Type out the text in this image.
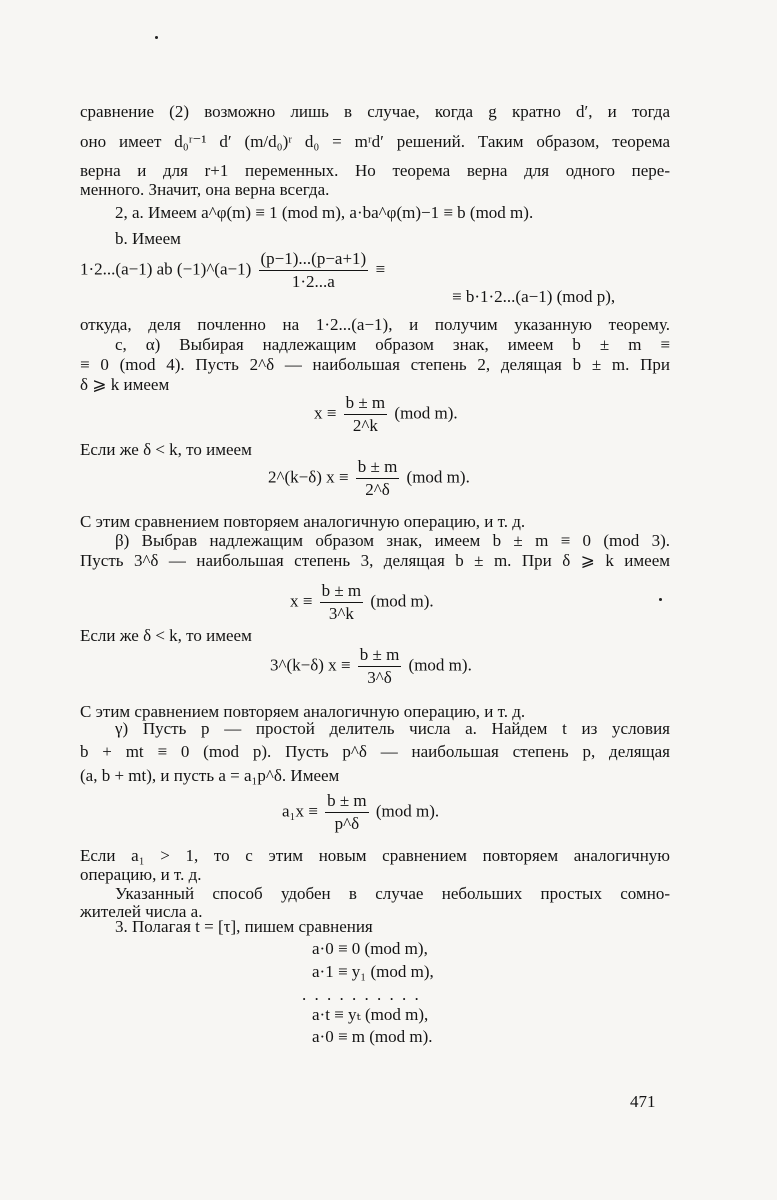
сравнение (2) возможно лишь в случае, когда g кратно d′, и тогда
оно имеет d₀ʳ⁻¹ d′ (m/d₀)ʳ d₀ = mʳd′ решений. Таким образом, теорема
верна и для r+1 переменных. Но теорема верна для одного пере-
менного. Значит, она верна всегда.
2, a. Имеем a^φ(m) ≡ 1 (mod m), a·ba^φ(m)−1 ≡ b (mod m).
b. Имеем
1·2...(a−1) ab (−1)^(a−1) $\frac{(p-1)...(p-a+1)}{1\cdot 2...a}$ ≡
≡ b·1·2...(a−1) (mod p),
откуда, деля почленно на 1·2...(a−1), и получим указанную теорему.
c, α) Выбирая надлежащим образом знак, имеем b ± m ≡
≡ 0 (mod 4). Пусть 2^δ — наибольшая степень 2, делящая b ± m. При
δ ⩾ k имеем
$x \equiv \frac{b \pm m}{2\^{}k} (mod$ m).
Если же δ < k, то имеем
2^(k−δ) $x \equiv \frac{b \pm m}{2\^{}\delta} (mod$ m).
С этим сравнением повторяем аналогичную операцию, и т. д.
β) Выбрав надлежащим образом знак, имеем b ± m ≡ 0 (mod 3).
Пусть 3^δ — наибольшая степень 3, делящая b ± m. При δ ⩾ k имеем
$x \equiv \frac{b \pm m}{3\^{}k} (mod$ m).
Если же δ < k, то имеем
3^(k−δ) $x \equiv \frac{b \pm m}{3\^{}\delta} (mod$ m).
С этим сравнением повторяем аналогичную операцию, и т. д.
γ) Пусть p — простой делитель числа a. Найдем t из условия
b + mt ≡ 0 (mod p). Пусть p^δ — наибольшая степень p, делящая
(a, b + mt), и пусть a = a₁p^δ. Имеем
$a_1x \equiv \frac{b \pm m}{p\^{}\delta} (mod$ m).
Если a₁ > 1, то с этим новым сравнением повторяем аналогичную
операцию, и т. д.
Указанный способ удобен в случае небольших простых сомно-
жителей числа a.
3. Полагая t = [τ], пишем сравнения
a·0 ≡ 0 (mod m),
a·1 ≡ y₁ (mod m),
. . . . . . . . . .
a·t ≡ yₜ (mod m),
a·0 ≡ m (mod m).
471
